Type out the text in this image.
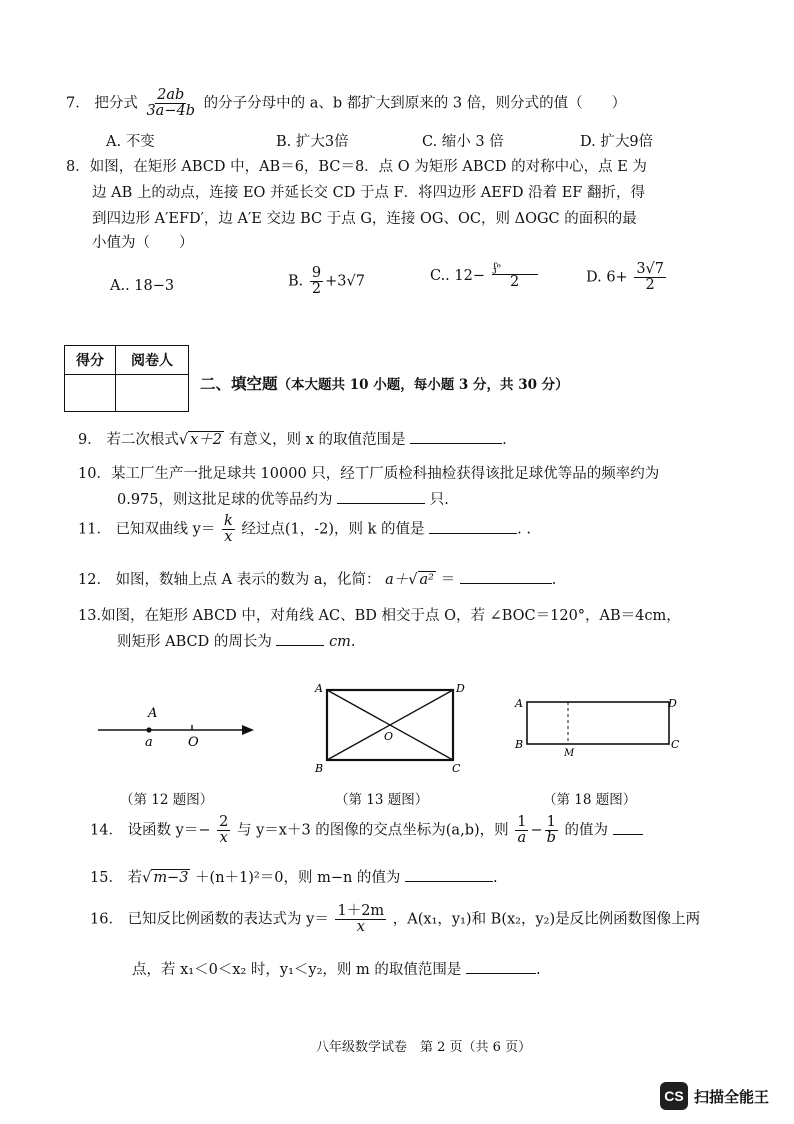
7． 把分式 $\frac{2ab}{3a-4b}$ 的分子分母中的 a、b 都扩大到原来的 3 倍，则分式的值（　　）
A. 不变	B. 扩大3倍	C. 缩小 3 倍	D. 扩大9倍
8．如图，在矩形 ABCD 中，AB＝6，BC＝8．点 O 为矩形 ABCD 的对称中心，点 E 为
边 AB 上的动点，连接 EO 并延长交 CD 于点 F．将四边形 AEFD 沿着 EF 翻折，得
到四边形 A′EFD′，边 A′E 交边 BC 于点 G，连接 OG、OC，则 ΔOGC 的面积的最
小值为（　　）
A.. 18−3	B. $\frac{9}{2} +3√7$	C.. $12- \frac{\text{ʃ̵ᶱ}}{2}$	D. $6+ \frac{3√7}{2}$
得分	阅卷人

二、填空题（本大题共 10 小题，每小题 3 分，共 30 分）
9． 若二次根式√ x＋2 有意义，则 x 的取值范围是	.
10．某工厂生产一批足球共 10000 只，经丅厂质检科抽检获得该批足球优等品的频率约为
0.975，则这批足球的优等品约为	只.
11． 已知双曲线 $y= \frac{k}{x}$ 经过点(1，-2)，则 k 的值是	. .
12． 如图，数轴上点 A 表示的数为 a，化简： a＋√ a² ＝	.
13.如图，在矩形 ABCD 中，对角线 AC、BD 相交于点 O，若 ∠BOC＝120°，AB＝4cm，
则矩形 ABCD 的周长为	cm.
A
a	O
（第 12 题图）
A	D
B	C
O
（第 13 题图）
A	D
B	C
M
（第 18 题图）
14． 设函数 $y=- \frac{2}{x}$ 与 y＝x＋3 的图像的交点坐标为(a,b)，则 $\frac{1}{a} - \frac{1}{b}$ 的值为
15． 若√ m−3 ＋(n＋1)²＝0，则 m−n 的值为	.
16． 已知反比例函数的表达式为 $y= \frac{1+2m}{x}$ ，A(x₁，y₁)和 B(x₂，y₂)是反比例函数图像上两
点，若 x₁＜0＜x₂ 时，y₁＜y₂，则 m 的取值范围是	.
八年级数学试卷　第 2 页（共 6 页）
CS 扫描全能王
